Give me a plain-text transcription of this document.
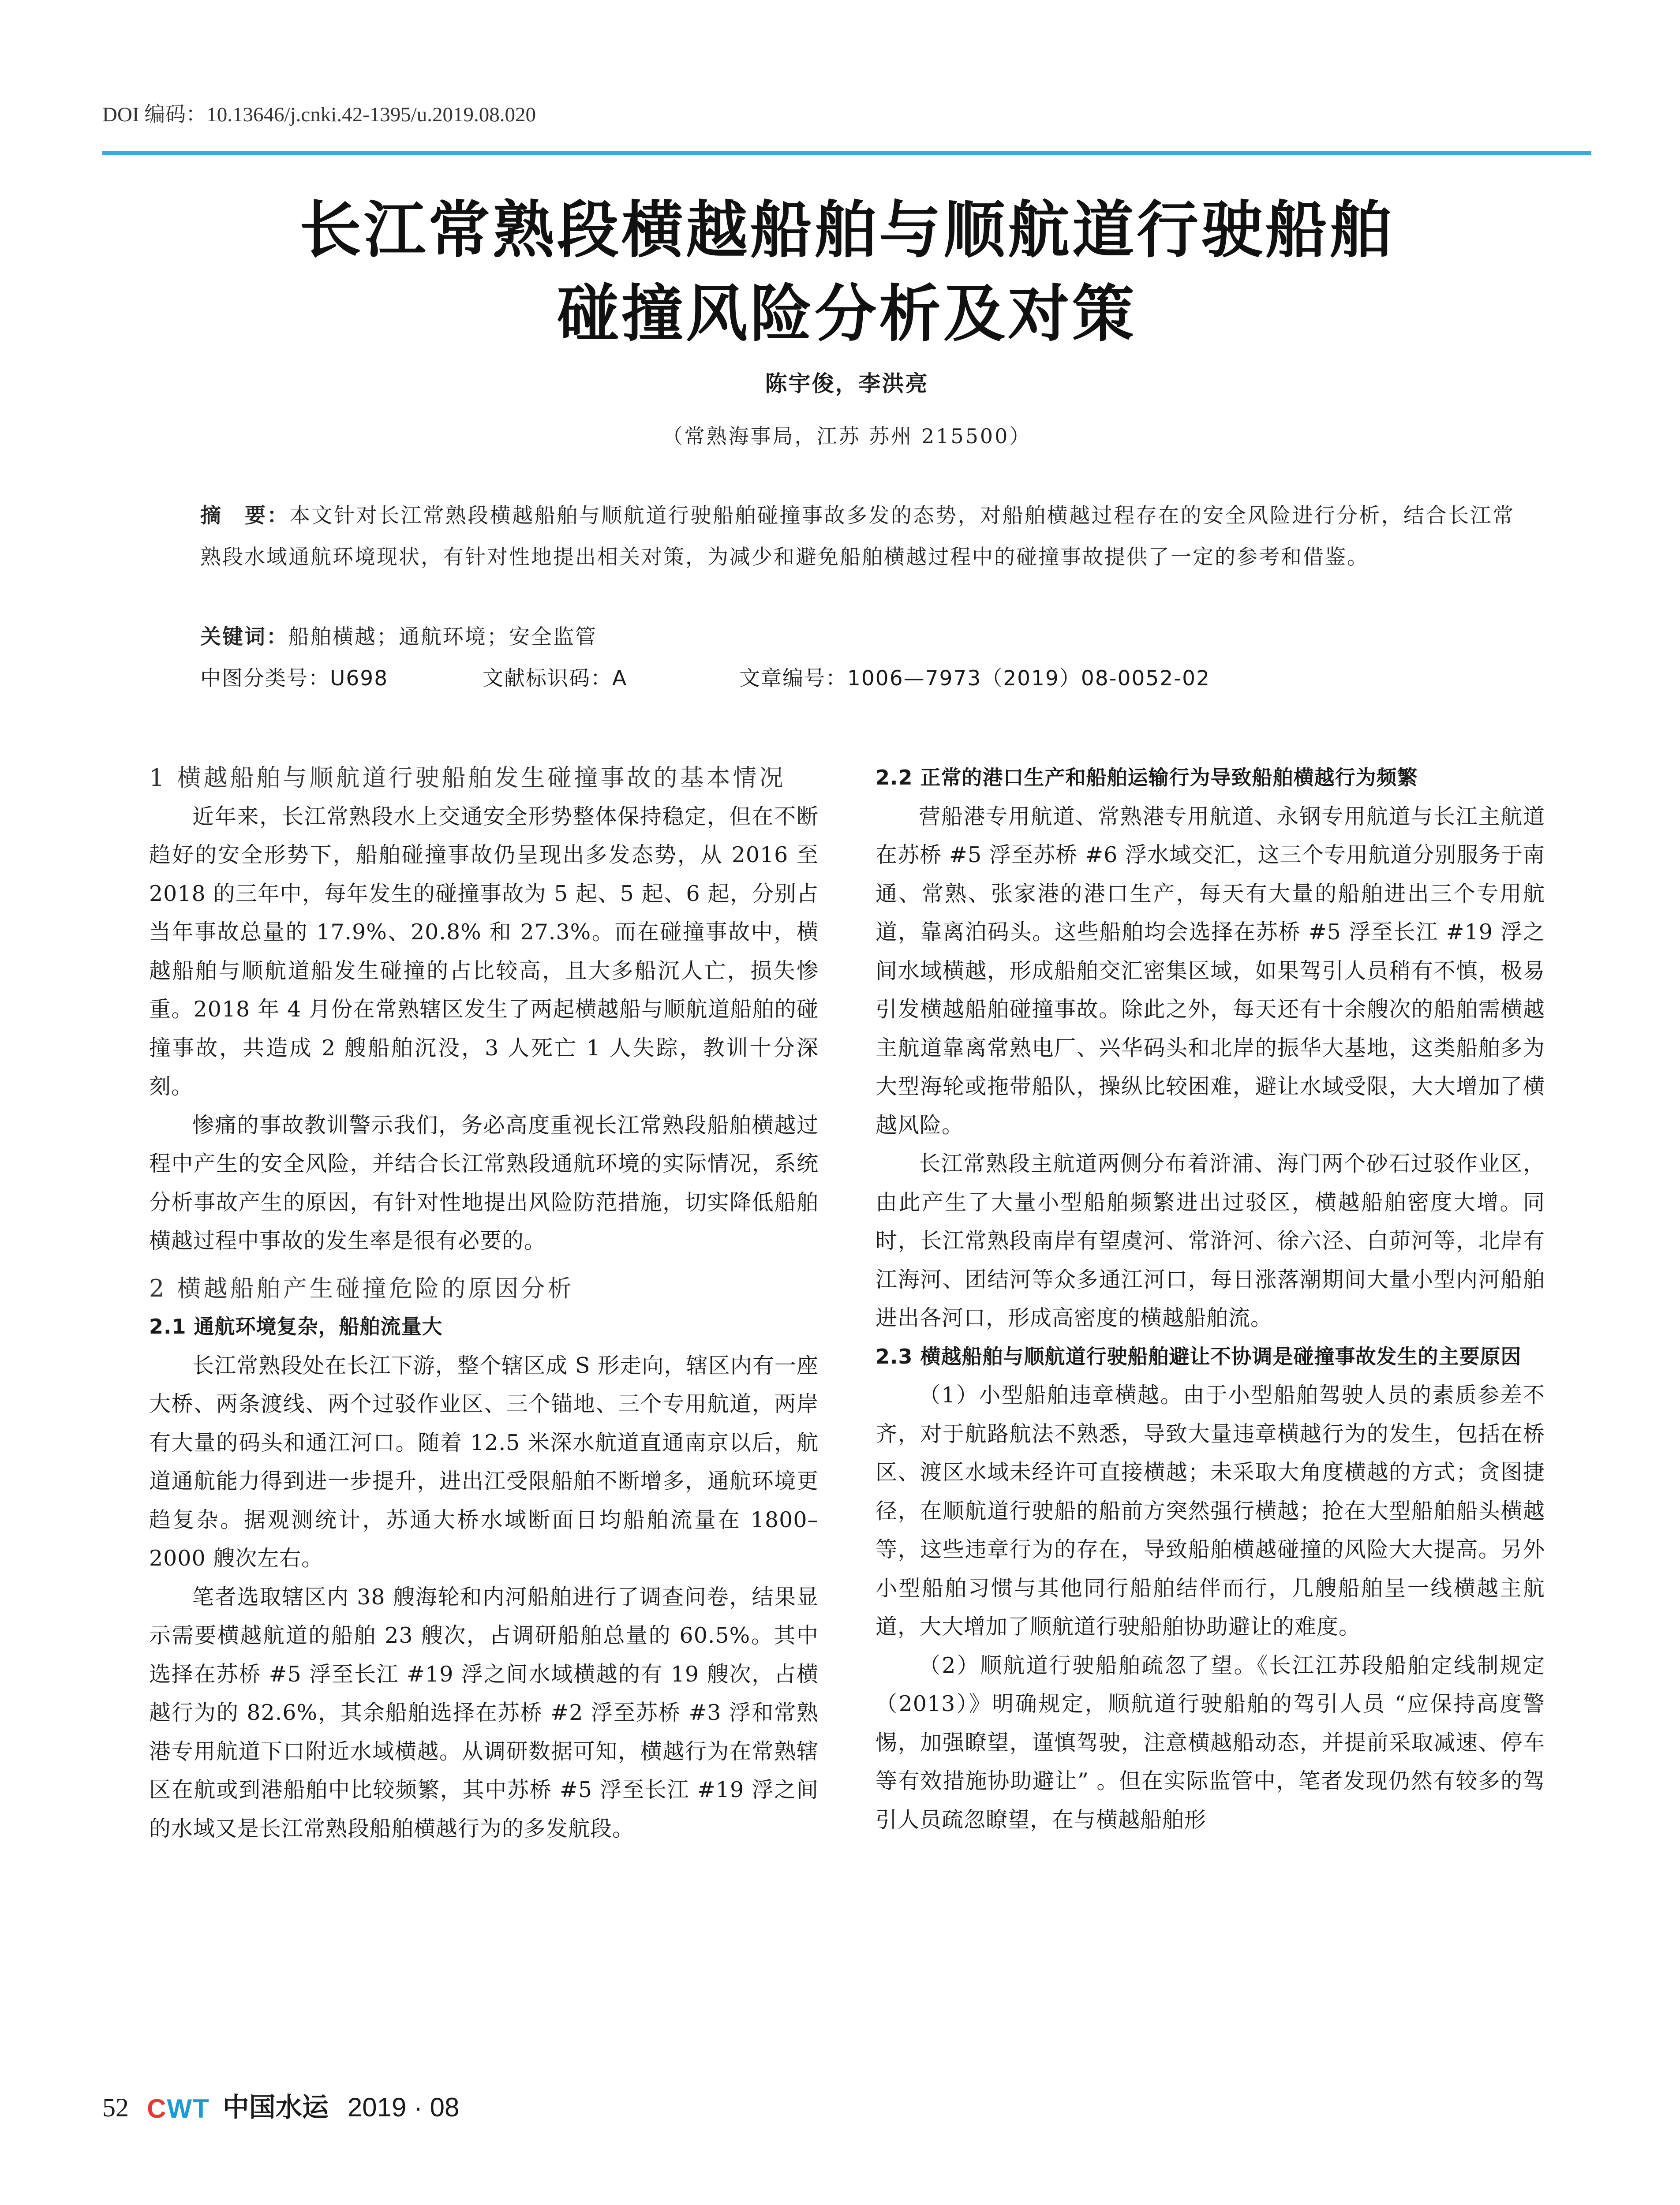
DOI 编码：10.13646/j.cnki.42-1395/u.2019.08.020
长江常熟段横越船舶与顺航道行驶船舶
碰撞风险分析及对策
陈宇俊，李洪亮
（常熟海事局，江苏 苏州 215500）
摘　要：本文针对长江常熟段横越船舶与顺航道行驶船舶碰撞事故多发的态势，对船舶横越过程存在的安全风险进行分析，结合长江常熟段水域通航环境现状，有针对性地提出相关对策，为减少和避免船舶横越过程中的碰撞事故提供了一定的参考和借鉴。
关键词：船舶横越；通航环境；安全监管
中图分类号：U698	文献标识码：A	文章编号：1006—7973（2019）08-0052-02
1 横越船舶与顺航道行驶船舶发生碰撞事故的基本情况

近年来，长江常熟段水上交通安全形势整体保持稳定，但在不断趋好的安全形势下，船舶碰撞事故仍呈现出多发态势，从 2016 至 2018 的三年中，每年发生的碰撞事故为 5 起、5 起、6 起，分别占当年事故总量的 17.9%、20.8% 和 27.3%。而在碰撞事故中，横越船舶与顺航道船发生碰撞的占比较高，且大多船沉人亡，损失惨重。2018 年 4 月份在常熟辖区发生了两起横越船与顺航道船舶的碰撞事故，共造成 2 艘船舶沉没，3 人死亡 1 人失踪，教训十分深刻。

惨痛的事故教训警示我们，务必高度重视长江常熟段船舶横越过程中产生的安全风险，并结合长江常熟段通航环境的实际情况，系统分析事故产生的原因，有针对性地提出风险防范措施，切实降低船舶横越过程中事故的发生率是很有必要的。

2 横越船舶产生碰撞危险的原因分析
2.1 通航环境复杂，船舶流量大

长江常熟段处在长江下游，整个辖区成 S 形走向，辖区内有一座大桥、两条渡线、两个过驳作业区、三个锚地、三个专用航道，两岸有大量的码头和通江河口。随着 12.5 米深水航道直通南京以后，航道通航能力得到进一步提升，进出江受限船舶不断增多，通航环境更趋复杂。据观测统计，苏通大桥水域断面日均船舶流量在 1800–2000 艘次左右。

笔者选取辖区内 38 艘海轮和内河船舶进行了调查问卷，结果显示需要横越航道的船舶 23 艘次，占调研船舶总量的 60.5%。其中选择在苏桥 #5 浮至长江 #19 浮之间水域横越的有 19 艘次，占横越行为的 82.6%，其余船舶选择在苏桥 #2 浮至苏桥 #3 浮和常熟港专用航道下口附近水域横越。从调研数据可知，横越行为在常熟辖区在航或到港船舶中比较频繁，其中苏桥 #5 浮至长江 #19 浮之间的水域又是长江常熟段船舶横越行为的多发航段。

2.2 正常的港口生产和船舶运输行为导致船舶横越行为频繁

营船港专用航道、常熟港专用航道、永钢专用航道与长江主航道在苏桥 #5 浮至苏桥 #6 浮水域交汇，这三个专用航道分别服务于南通、常熟、张家港的港口生产，每天有大量的船舶进出三个专用航道，靠离泊码头。这些船舶均会选择在苏桥 #5 浮至长江 #19 浮之间水域横越，形成船舶交汇密集区域，如果驾引人员稍有不慎，极易引发横越船舶碰撞事故。除此之外，每天还有十余艘次的船舶需横越主航道靠离常熟电厂、兴华码头和北岸的振华大基地，这类船舶多为大型海轮或拖带船队，操纵比较困难，避让水域受限，大大增加了横越风险。

长江常熟段主航道两侧分布着浒浦、海门两个砂石过驳作业区，由此产生了大量小型船舶频繁进出过驳区，横越船舶密度大增。同时，长江常熟段南岸有望虞河、常浒河、徐六泾、白茆河等，北岸有江海河、团结河等众多通江河口，每日涨落潮期间大量小型内河船舶进出各河口，形成高密度的横越船舶流。

2.3 横越船舶与顺航道行驶船舶避让不协调是碰撞事故发生的主要原因

（1）小型船舶违章横越。由于小型船舶驾驶人员的素质参差不齐，对于航路航法不熟悉，导致大量违章横越行为的发生，包括在桥区、渡区水域未经许可直接横越；未采取大角度横越的方式；贪图捷径，在顺航道行驶船的船前方突然强行横越；抢在大型船舶船头横越等，这些违章行为的存在，导致船舶横越碰撞的风险大大提高。另外小型船舶习惯与其他同行船舶结伴而行，几艘船舶呈一线横越主航道，大大增加了顺航道行驶船舶协助避让的难度。

（2）顺航道行驶船舶疏忽了望。《长江江苏段船舶定线制规定（2013）》明确规定，顺航道行驶船舶的驾引人员 “应保持高度警惕，加强瞭望，谨慎驾驶，注意横越船动态，并提前采取减速、停车等有效措施协助避让” 。但在实际监管中，笔者发现仍然有较多的驾引人员疏忽瞭望，在与横越船舶形

52 CWT 中国水运 2019 · 08
